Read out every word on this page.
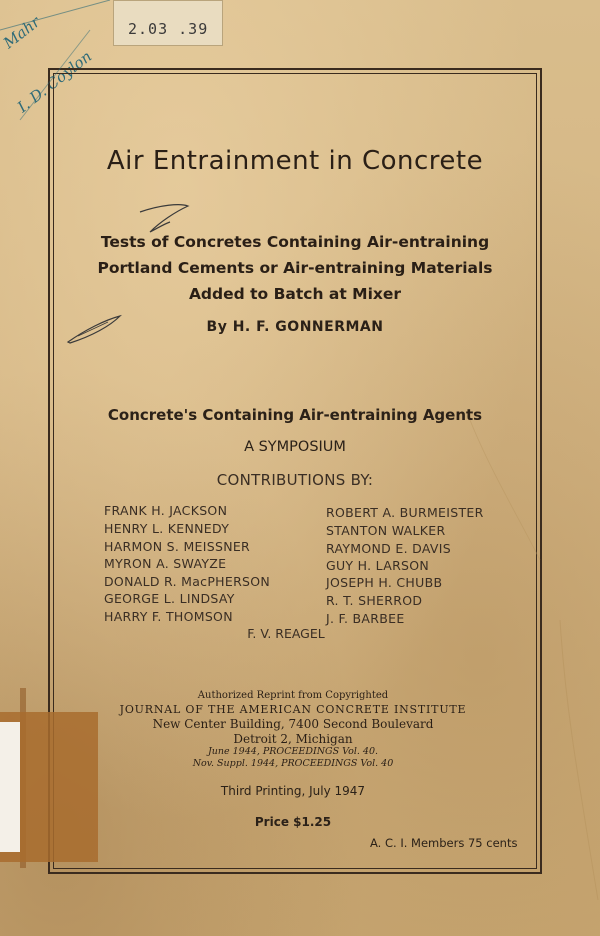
2.03 .39
Mahr
I. D. Coylon
Air Entrainment in Concrete
Tests of Concretes Containing Air-entraining
Portland Cements or Air-entraining Materials
Added to Batch at Mixer
By H. F. GONNERMAN
Concrete's Containing Air-entraining Agents
A SYMPOSIUM
CONTRIBUTIONS BY:
FRANK H. JACKSON
HENRY L. KENNEDY
HARMON S. MEISSNER
MYRON A. SWAYZE
DONALD R. MacPHERSON
GEORGE L. LINDSAY
HARRY F. THOMSON
ROBERT A. BURMEISTER
STANTON WALKER
RAYMOND E. DAVIS
GUY H. LARSON
JOSEPH H. CHUBB
R. T. SHERROD
J. F. BARBEE
F. V. REAGEL
Authorized Reprint from Copyrighted
JOURNAL OF THE AMERICAN CONCRETE INSTITUTE
New Center Building, 7400 Second Boulevard
Detroit 2, Michigan
June 1944, PROCEEDINGS Vol. 40.
Nov. Suppl. 1944, PROCEEDINGS Vol. 40
Third Printing, July 1947
Price $1.25
A. C. I. Members 75 cents
